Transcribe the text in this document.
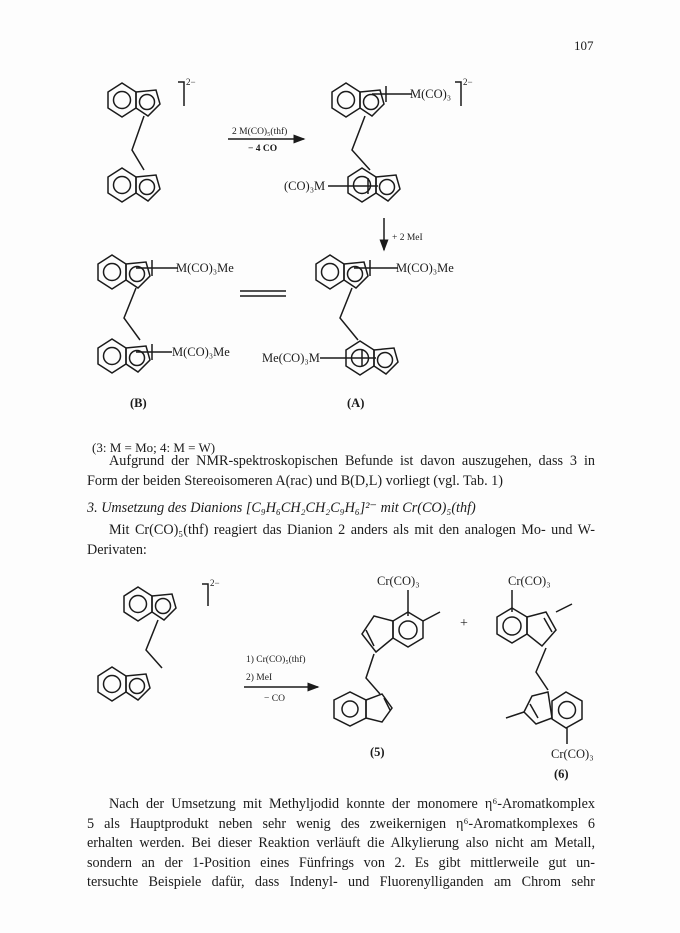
107
2−
2 M(CO)₅(thf)
− 4 CO
M(CO)₃
(CO)₃M
2−
+ 2 MeI
M(CO)₃Me
M(CO)₃Me
M(CO)₃Me
Me(CO)₃M
(B)	(A)
(3: M = Mo; 4: M = W)
Aufgrund der NMR-spektroskopischen Befunde ist davon auszugehen, dass 3 in Form der beiden Stereoisomeren A(rac) und B(D,L) vorliegt (vgl. Tab. 1)
3. Umsetzung des Dianions [C₉H₆CH₂CH₂C₉H₆]²⁻ mit Cr(CO)₅(thf)
Mit Cr(CO)₅(thf) reagiert das Dianion 2 anders als mit den analogen Mo- und W-Derivaten:
2−
1) Cr(CO)₅(thf)
2) MeI
− CO
Cr(CO)₃
+
Cr(CO)₃
Cr(CO)₃
(5)
(6)
Nach der Umsetzung mit Methyljodid konnte der monomere η⁶-Aromatkomplex
5 als Hauptprodukt neben sehr wenig des zweikernigen η⁶-Aromatkomplexes 6
erhalten werden. Bei dieser Reaktion verläuft die Alkylierung also nicht am Metall,
sondern an der 1-Position eines Fünfrings von 2. Es gibt mittlerweile gut un-
tersuchte Beispiele dafür, dass Indenyl- und Fluorenylliganden am Chrom sehr
